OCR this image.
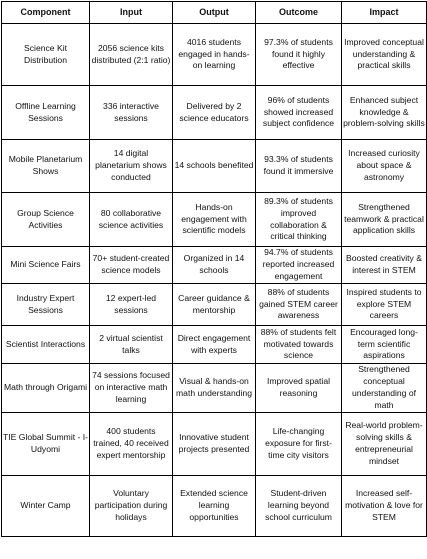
Component	Input	Output	Outcome	Impact
Science Kit Distribution	2056 science kits distributed (2:1 ratio)	4016 students engaged in hands-on learning	97.3% of students found it highly effective	Improved conceptual understanding & practical skills
Offline Learning Sessions	336 interactive sessions	Delivered by 2 science educators	96% of students showed increased subject confidence	Enhanced subject knowledge & problem-solving skills
Mobile Planetarium Shows	14 digital planetarium shows conducted	14 schools benefited	93.3% of students found it immersive	Increased curiosity about space & astronomy
Group Science Activities	80 collaborative science activities	Hands-on engagement with scientific models	89.3% of students improved collaboration & critical thinking	Strengthened teamwork & practical application skills
Mini Science Fairs	70+ student-created science models	Organized in 14 schools	94.7% of students reported increased engagement	Boosted creativity & interest in STEM
Industry Expert Sessions	12 expert-led sessions	Career guidance & mentorship	88% of students gained STEM career awareness	Inspired students to explore STEM careers
Scientist Interactions	2 virtual scientist talks	Direct engagement with experts	88% of students felt motivated towards science	Encouraged long-term scientific aspirations
Math through Origami	74 sessions focused on interactive math learning	Visual & hands-on math understanding	Improved spatial reasoning	Strengthened conceptual understanding of math
TIE Global Summit - I-Udyomi	400 students trained, 40 received expert mentorship	Innovative student projects presented	Life-changing exposure for first-time city visitors	Real-world problem-solving skills & entrepreneurial mindset
Winter Camp	Voluntary participation during holidays	Extended science learning opportunities	Student-driven learning beyond school curriculum	Increased self-motivation & love for STEM
